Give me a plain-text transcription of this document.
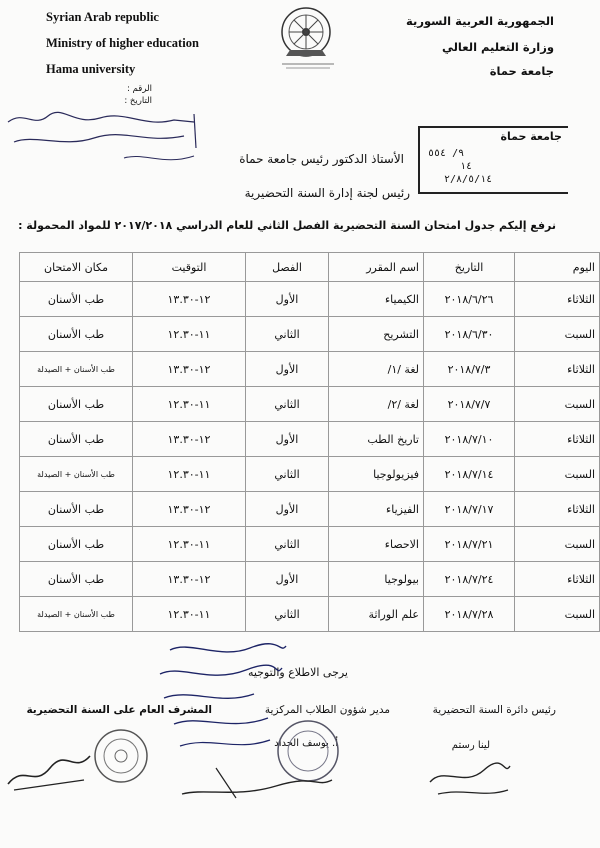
Syrian Arab republic
Ministry of higher education
Hama university
الجمهورية العربية السورية
وزارة التعليم العالي
جامعة حماة
الرقم :
التاريخ :
جامعة حماة
٩/ ٥٥٤
١٤
٢/٨/٥/١٤
الأستاذ الدكتور رئيس جامعة حماة
رئيس لجنة إدارة السنة التحضيرية
نرفع إليكم جدول امتحان السنة التحضيرية الفصل الثاني للعام الدراسي ٢٠١٧/٢٠١٨ للمواد المحمولة :
اليوم	التاريخ	اسم المقرر	الفصل	التوقيت	مكان الامتحان
الثلاثاء	٢٠١٨/٦/٢٦	الكيمياء	الأول	١٢-١٣.٣٠	طب الأسنان
السبت	٢٠١٨/٦/٣٠	التشريح	الثاني	١١-١٢.٣٠	طب الأسنان
الثلاثاء	٢٠١٨/٧/٣	لغة /١/	الأول	١٢-١٣.٣٠	طب الأسنان + الصيدلة
السبت	٢٠١٨/٧/٧	لغة /٢/	الثاني	١١-١٢.٣٠	طب الأسنان
الثلاثاء	٢٠١٨/٧/١٠	تاريخ الطب	الأول	١٢-١٣.٣٠	طب الأسنان
السبت	٢٠١٨/٧/١٤	فيزيولوجيا	الثاني	١١-١٢.٣٠	طب الأسنان + الصيدلة
الثلاثاء	٢٠١٨/٧/١٧	الفيزياء	الأول	١٢-١٣.٣٠	طب الأسنان
السبت	٢٠١٨/٧/٢١	الاحصاء	الثاني	١١-١٢.٣٠	طب الأسنان
الثلاثاء	٢٠١٨/٧/٢٤	بيولوجيا	الأول	١٢-١٣.٣٠	طب الأسنان
السبت	٢٠١٨/٧/٢٨	علم الوراثة	الثاني	١١-١٢.٣٠	طب الأسنان + الصيدلة
يرجى الاطلاع والتوجيه
رئيس دائرة السنة التحضيرية
مدير شؤون الطلاب المركزية
المشرف العام على السنة التحضيرية
أ. يوسف الحداد	لينا رستم
